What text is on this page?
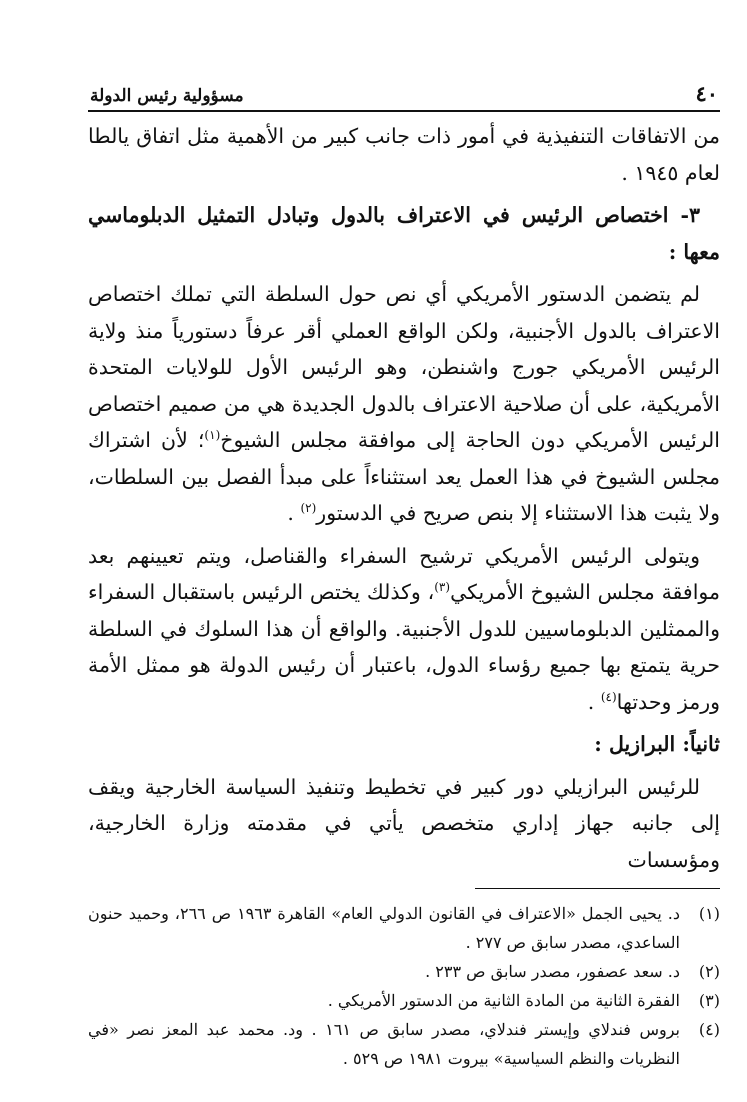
٤٠
مسؤولية رئيس الدولة

من الاتفاقات التنفيذية في أمور ذات جانب كبير من الأهمية مثل اتفاق يالطا لعام ١٩٤٥ .

٣- اختصاص الرئيس في الاعتراف بالدول وتبادل التمثيل الدبلوماسي معها :

لم يتضمن الدستور الأمريكي أي نص حول السلطة التي تملك اختصاص الاعتراف بالدول الأجنبية، ولكن الواقع العملي أقر عرفاً دستورياً منذ ولاية الرئيس الأمريكي جورج واشنطن، وهو الرئيس الأول للولايات المتحدة الأمريكية، على أن صلاحية الاعتراف بالدول الجديدة هي من صميم اختصاص الرئيس الأمريكي دون الحاجة إلى موافقة مجلس الشيوخ$^{(١)}$؛ لأن اشتراك مجلس الشيوخ في هذا العمل يعد استثناءاً على مبدأ الفصل بين السلطات، ولا يثبت هذا الاستثناء إلا بنص صريح في الدستور$^{(٢)}$ .

ويتولى الرئيس الأمريكي ترشيح السفراء والقناصل، ويتم تعيينهم بعد موافقة مجلس الشيوخ الأمريكي$^{(٣)}$، وكذلك يختص الرئيس باستقبال السفراء والممثلين الدبلوماسيين للدول الأجنبية. والواقع أن هذا السلوك في السلطة حرية يتمتع بها جميع رؤساء الدول، باعتبار أن رئيس الدولة هو ممثل الأمة ورمز وحدتها$^{(٤)}$ .

ثانياً: البرازيل :

للرئيس البرازيلي دور كبير في تخطيط وتنفيذ السياسة الخارجية ويقف إلى جانبه جهاز إداري متخصص يأتي في مقدمته وزارة الخارجية، ومؤسسات

(١)
د. يحيى الجمل «الاعتراف في القانون الدولي العام» القاهرة ١٩٦٣ ص ٢٦٦، وحميد حنون الساعدي، مصدر سابق ص ٢٧٧ .
(٢)
د. سعد عصفور، مصدر سابق ص ٢٣٣ .
(٣)
الفقرة الثانية من المادة الثانية من الدستور الأمريكي .
(٤)
بروس فندلاي وإيستر فندلاي، مصدر سابق ص ١٦١ . ود. محمد عبد المعز نصر «في النظريات والنظم السياسية» بيروت ١٩٨١ ص ٥٢٩ .
